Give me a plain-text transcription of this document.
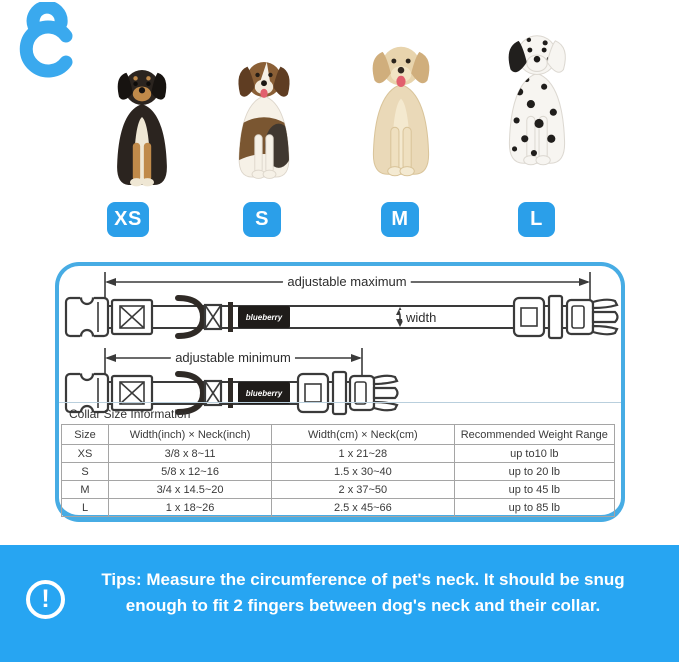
XS	S	M	L
adjustable maximum
blueberry	width
adjustable minimum
blueberry
Collar Size Information
Size	Width(inch) × Neck(inch)	Width(cm) × Neck(cm)	Recommended Weight Range
XS	3/8 x 8~11	1 x 21~28	up to10 lb
S	5/8 x 12~16	1.5 x 30~40	up to 20 lb
M	3/4 x 14.5~20	2 x 37~50	up to 45 lb
L	1 x 18~26	2.5 x 45~66	up to 85 lb
!
Tips: Measure the circumference of pet's neck. It should be snug enough to fit 2 fingers between dog's neck and their collar.
